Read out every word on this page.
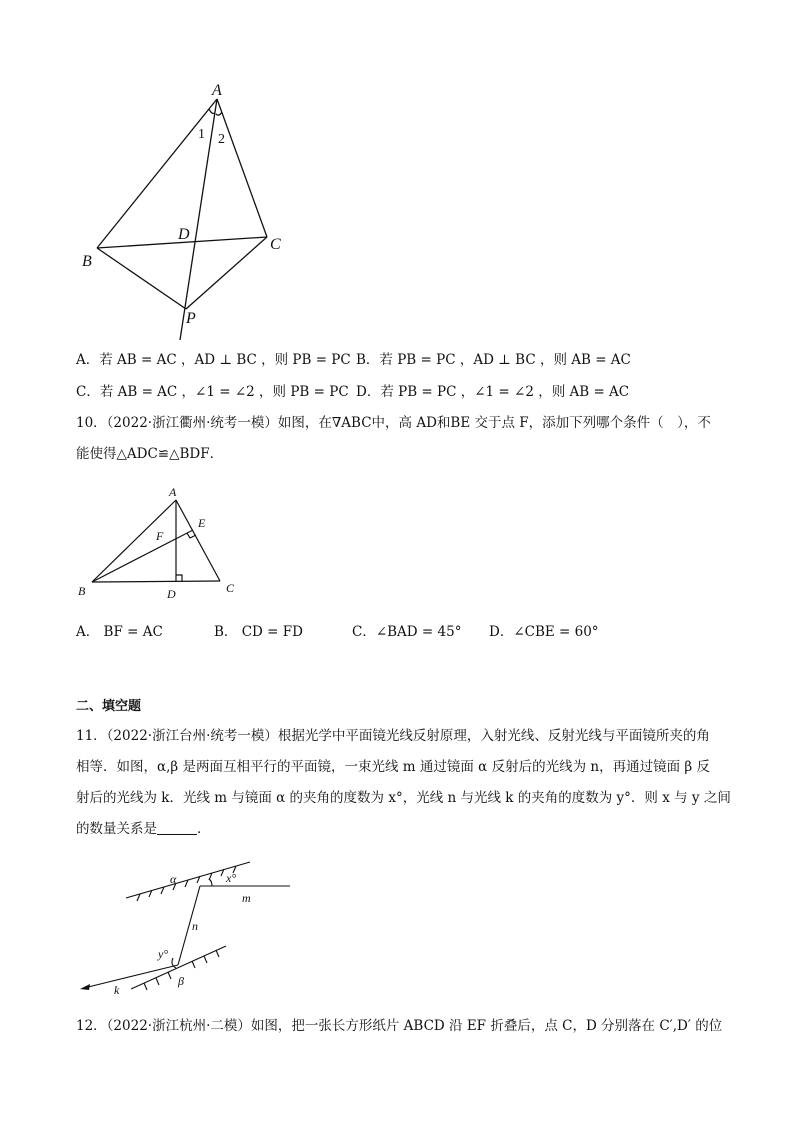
A
B
C
D
P
1 2
A．若 AB = AC ，AD ⊥ BC ，则 PB = PC B．若 PB = PC ，AD ⊥ BC ，则 AB = AC
C．若 AB = AC ，∠1 = ∠2 ，则 PB = PC D．若 PB = PC ，∠1 = ∠2 ，则 AB = AC
10．（2022·浙江衢州·统考一模）如图，在∇ABC中，高 AD和BE 交于点 F，添加下列哪个条件（　），不
能使得△ADC≌△BDF．
A
B	C
D
E
F
A． BF = AC	B． CD = FD	C．∠BAD = 45° D．∠CBE = 60°
二、填空题
11．（2022·浙江台州·统考一模）根据光学中平面镜光线反射原理，入射光线、反射光线与平面镜所夹的角
相等．如图，α,β 是两面互相平行的平面镜，一束光线 m 通过镜面 α 反射后的光线为 n，再通过镜面 β 反
射后的光线为 k．光线 m 与镜面 α 的夹角的度数为 x°，光线 n 与光线 k 的夹角的度数为 y°．则 x 与 y 之间
的数量关系是	．
α	x°
m
n
y°
β
k
12．（2022·浙江杭州·二模）如图，把一张长方形纸片 ABCD 沿 EF 折叠后，点 C，D 分别落在 C′,D′ 的位
